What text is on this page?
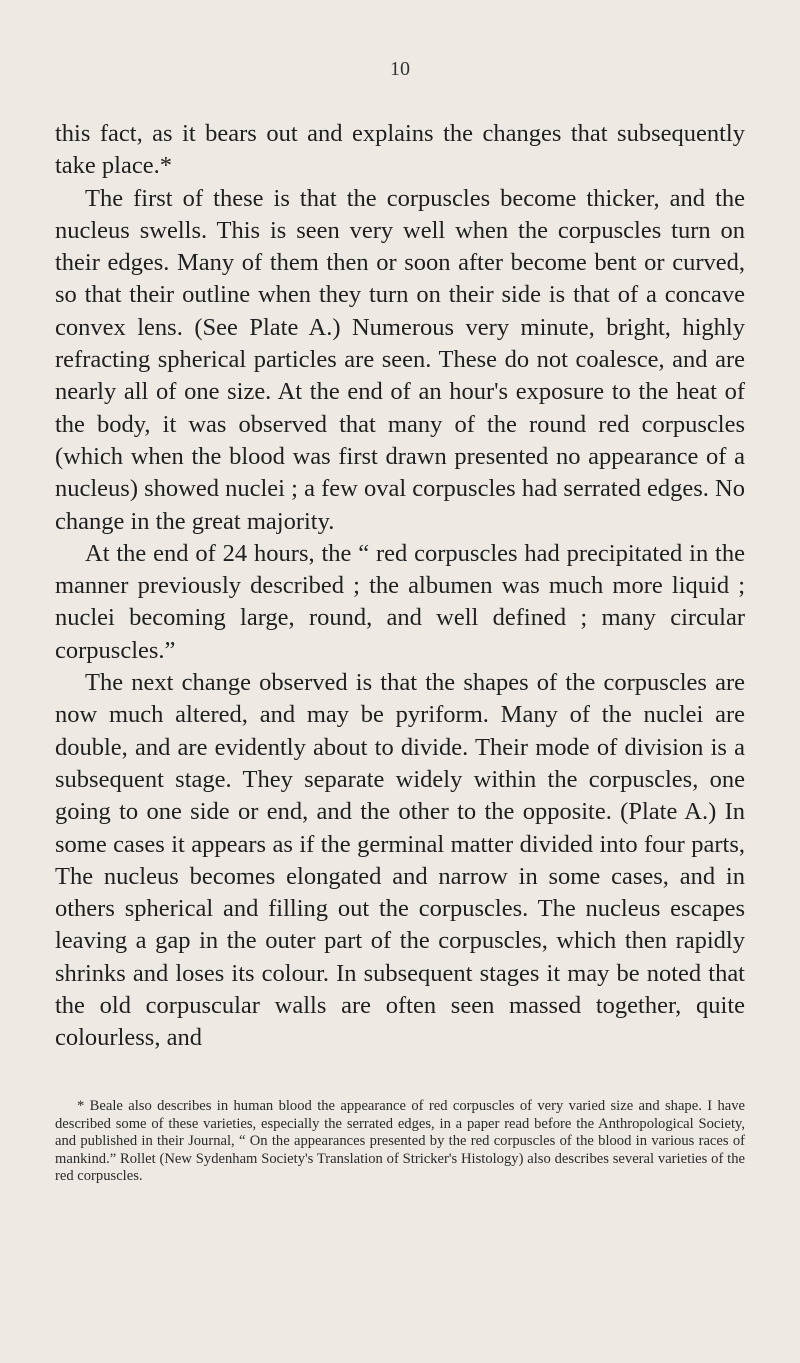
10

this fact, as it bears out and explains the changes that subsequently take place.*

The first of these is that the corpuscles become thicker, and the nucleus swells. This is seen very well when the corpuscles turn on their edges. Many of them then or soon after become bent or curved, so that their outline when they turn on their side is that of a concave convex lens. (See Plate A.) Numerous very minute, bright, highly refracting spherical particles are seen. These do not coalesce, and are nearly all of one size. At the end of an hour's exposure to the heat of the body, it was observed that many of the round red corpuscles (which when the blood was first drawn presented no appearance of a nucleus) showed nuclei ; a few oval corpuscles had serrated edges. No change in the great majority.

At the end of 24 hours, the “ red corpuscles had precipitated in the manner previously described ; the albumen was much more liquid ; nuclei becoming large, round, and well defined ; many circular corpuscles.”

The next change observed is that the shapes of the corpuscles are now much altered, and may be pyriform. Many of the nuclei are double, and are evidently about to divide. Their mode of division is a subsequent stage. They separate widely within the corpuscles, one going to one side or end, and the other to the opposite. (Plate A.) In some cases it appears as if the germinal matter divided into four parts, The nucleus becomes elongated and narrow in some cases, and in others spherical and filling out the corpuscles. The nucleus escapes leaving a gap in the outer part of the corpuscles, which then rapidly shrinks and loses its colour. In subsequent stages it may be noted that the old corpuscular walls are often seen massed together, quite colourless, and

* Beale also describes in human blood the appearance of red corpuscles of very varied size and shape. I have described some of these varieties, especially the serrated edges, in a paper read before the Anthropological Society, and published in their Journal, “ On the appearances presented by the red corpuscles of the blood in various races of mankind.” Rollet (New Sydenham Society's Translation of Stricker's Histology) also describes several varieties of the red corpuscles.
